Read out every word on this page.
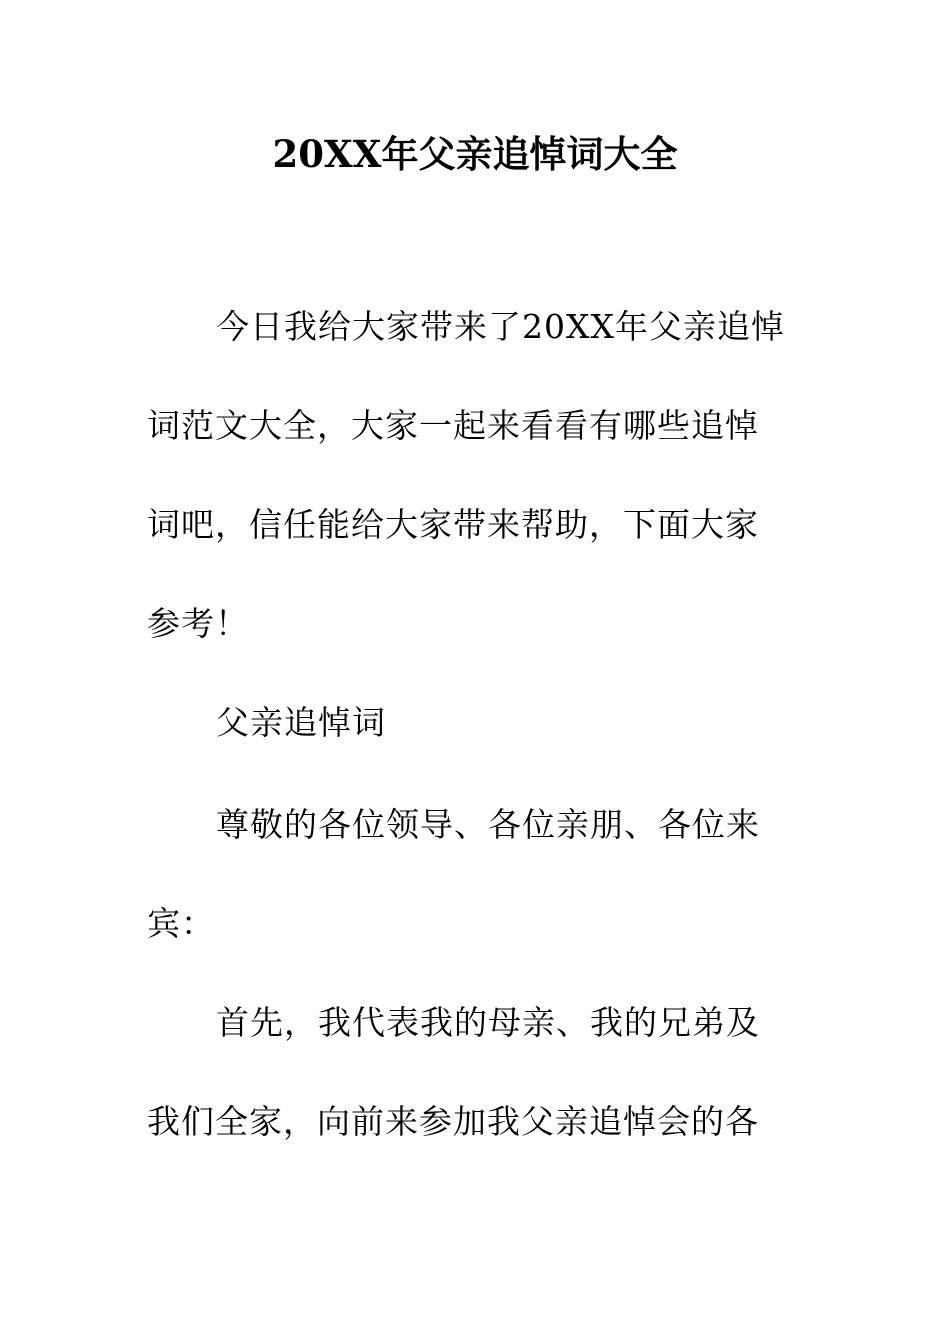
20XX年父亲追悼词大全
今日我给大家带来了20XX年父亲追悼
词范文大全，大家一起来看看有哪些追悼
词吧，信任能给大家带来帮助，下面大家
参考！
父亲追悼词
尊敬的各位领导、各位亲朋、各位来
宾：
首先，我代表我的母亲、我的兄弟及
我们全家，向前来参加我父亲追悼会的各
